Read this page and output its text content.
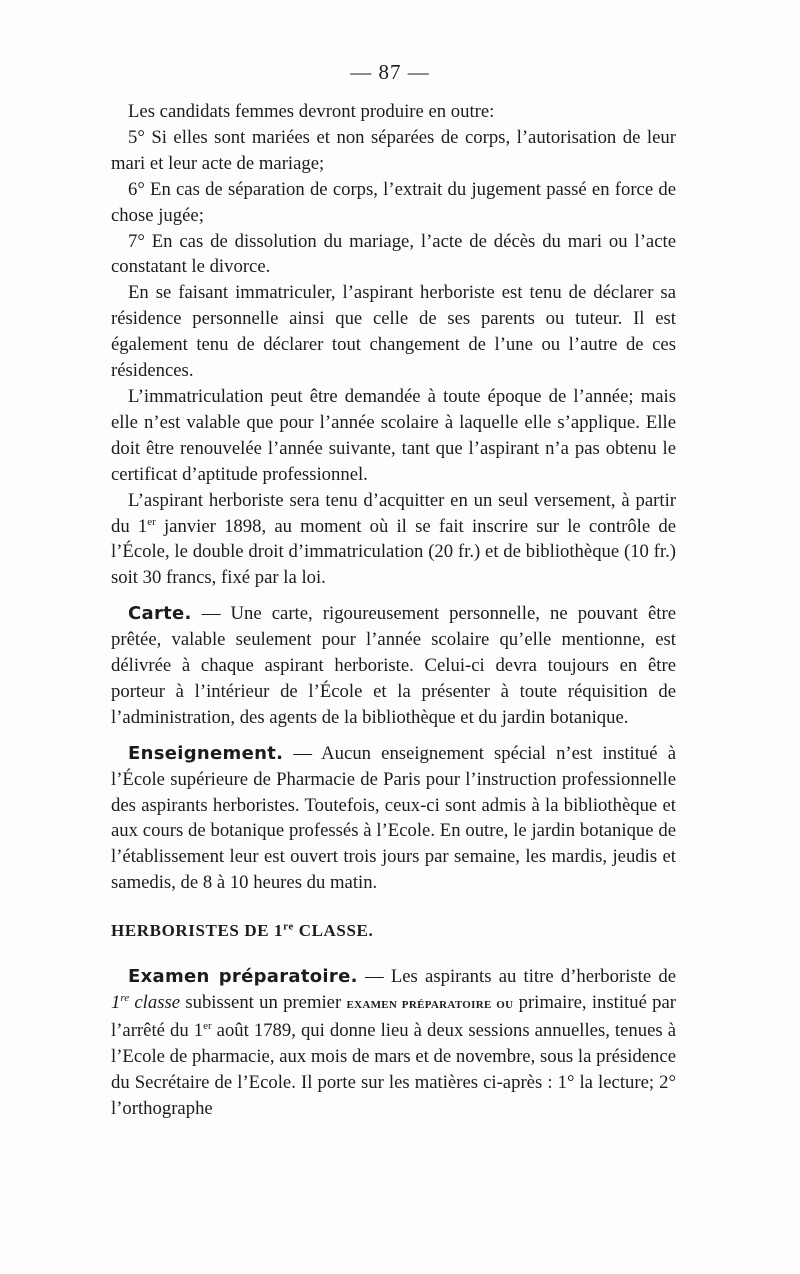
— 87 —

Les candidats femmes devront produire en outre:

5° Si elles sont mariées et non séparées de corps, l’autorisation de leur mari et leur acte de mariage;

6° En cas de séparation de corps, l’extrait du jugement passé en force de chose jugée;

7° En cas de dissolution du mariage, l’acte de décès du mari ou l’acte constatant le divorce.

En se faisant immatriculer, l’aspirant herboriste est tenu de déclarer sa résidence personnelle ainsi que celle de ses parents ou tuteur. Il est également tenu de déclarer tout changement de l’une ou l’autre de ces résidences.

L’immatriculation peut être demandée à toute époque de l’année; mais elle n’est valable que pour l’année scolaire à laquelle elle s’applique. Elle doit être renouvelée l’année suivante, tant que l’aspirant n’a pas obtenu le certificat d’aptitude professionnel.

L’aspirant herboriste sera tenu d’acquitter en un seul versement, à partir du 1er janvier 1898, au moment où il se fait inscrire sur le contrôle de l’École, le double droit d’immatriculation (20 fr.) et de bibliothèque (10 fr.) soit 30 francs, fixé par la loi.

Carte. — Une carte, rigoureusement personnelle, ne pouvant être prêtée, valable seulement pour l’année scolaire qu’elle mentionne, est délivrée à chaque aspirant herboriste. Celui-ci devra toujours en être porteur à l’intérieur de l’École et la présenter à toute réquisition de l’administration, des agents de la bibliothèque et du jardin botanique.

Enseignement. — Aucun enseignement spécial n’est institué à l’École supérieure de Pharmacie de Paris pour l’instruction professionnelle des aspirants herboristes. Toutefois, ceux-ci sont admis à la bibliothèque et aux cours de botanique professés à l’Ecole. En outre, le jardin botanique de l’établissement leur est ouvert trois jours par semaine, les mardis, jeudis et samedis, de 8 à 10 heures du matin.

HERBORISTES DE 1re CLASSE.

Examen préparatoire. — Les aspirants au titre d’herboriste de 1re classe subissent un premier examen préparatoire ou primaire, institué par l’arrêté du 1er août 1789, qui donne lieu à deux sessions annuelles, tenues à l’Ecole de pharmacie, aux mois de mars et de novembre, sous la présidence du Secrétaire de l’Ecole. Il porte sur les matières ci-après : 1° la lecture; 2° l’orthographe
